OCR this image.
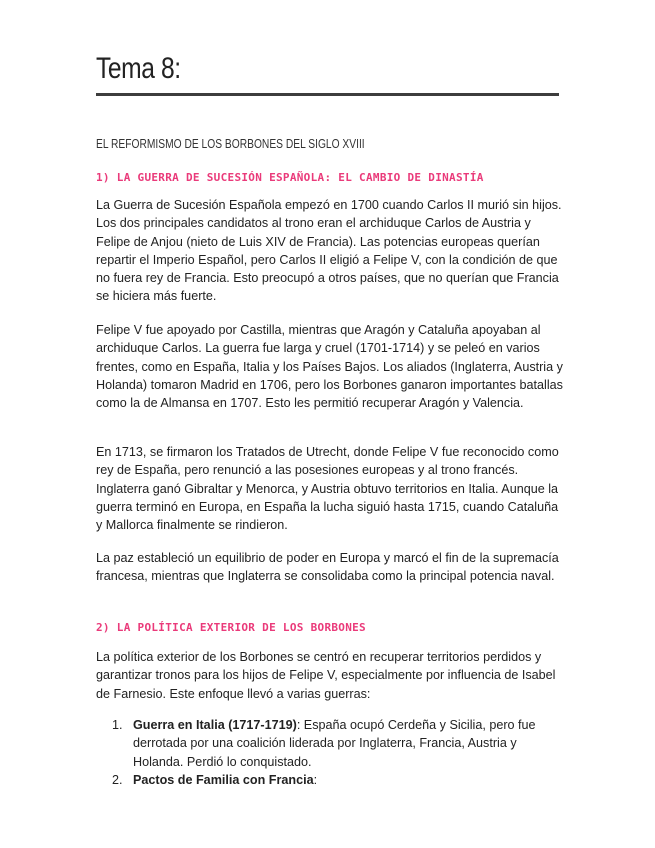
Tema 8:
EL REFORMISMO DE LOS BORBONES DEL SIGLO XVIII
1) LA GUERRA DE SUCESIÓN ESPAÑOLA: EL CAMBIO DE DINASTÍA

La Guerra de Sucesión Española empezó en 1700 cuando Carlos II murió sin hijos. Los dos principales candidatos al trono eran el archiduque Carlos de Austria y Felipe de Anjou (nieto de Luis XIV de Francia). Las potencias europeas querían repartir el Imperio Español, pero Carlos II eligió a Felipe V, con la condición de que no fuera rey de Francia. Esto preocupó a otros países, que no querían que Francia se hiciera más fuerte.

Felipe V fue apoyado por Castilla, mientras que Aragón y Cataluña apoyaban al archiduque Carlos. La guerra fue larga y cruel (1701-1714) y se peleó en varios frentes, como en España, Italia y los Países Bajos. Los aliados (Inglaterra, Austria y Holanda) tomaron Madrid en 1706, pero los Borbones ganaron importantes batallas como la de Almansa en 1707. Esto les permitió recuperar Aragón y Valencia.

En 1713, se firmaron los Tratados de Utrecht, donde Felipe V fue reconocido como rey de España, pero renunció a las posesiones europeas y al trono francés. Inglaterra ganó Gibraltar y Menorca, y Austria obtuvo territorios en Italia. Aunque la guerra terminó en Europa, en España la lucha siguió hasta 1715, cuando Cataluña y Mallorca finalmente se rindieron.

La paz estableció un equilibrio de poder en Europa y marcó el fin de la supremacía francesa, mientras que Inglaterra se consolidaba como la principal potencia naval.

2) LA POLÍTICA EXTERIOR DE LOS BORBONES

La política exterior de los Borbones se centró en recuperar territorios perdidos y garantizar tronos para los hijos de Felipe V, especialmente por influencia de Isabel de Farnesio. Este enfoque llevó a varias guerras:

1. Guerra en Italia (1717-1719): España ocupó Cerdeña y Sicilia, pero fue derrotada por una coalición liderada por Inglaterra, Francia, Austria y Holanda. Perdió lo conquistado.
2. Pactos de Familia con Francia:
